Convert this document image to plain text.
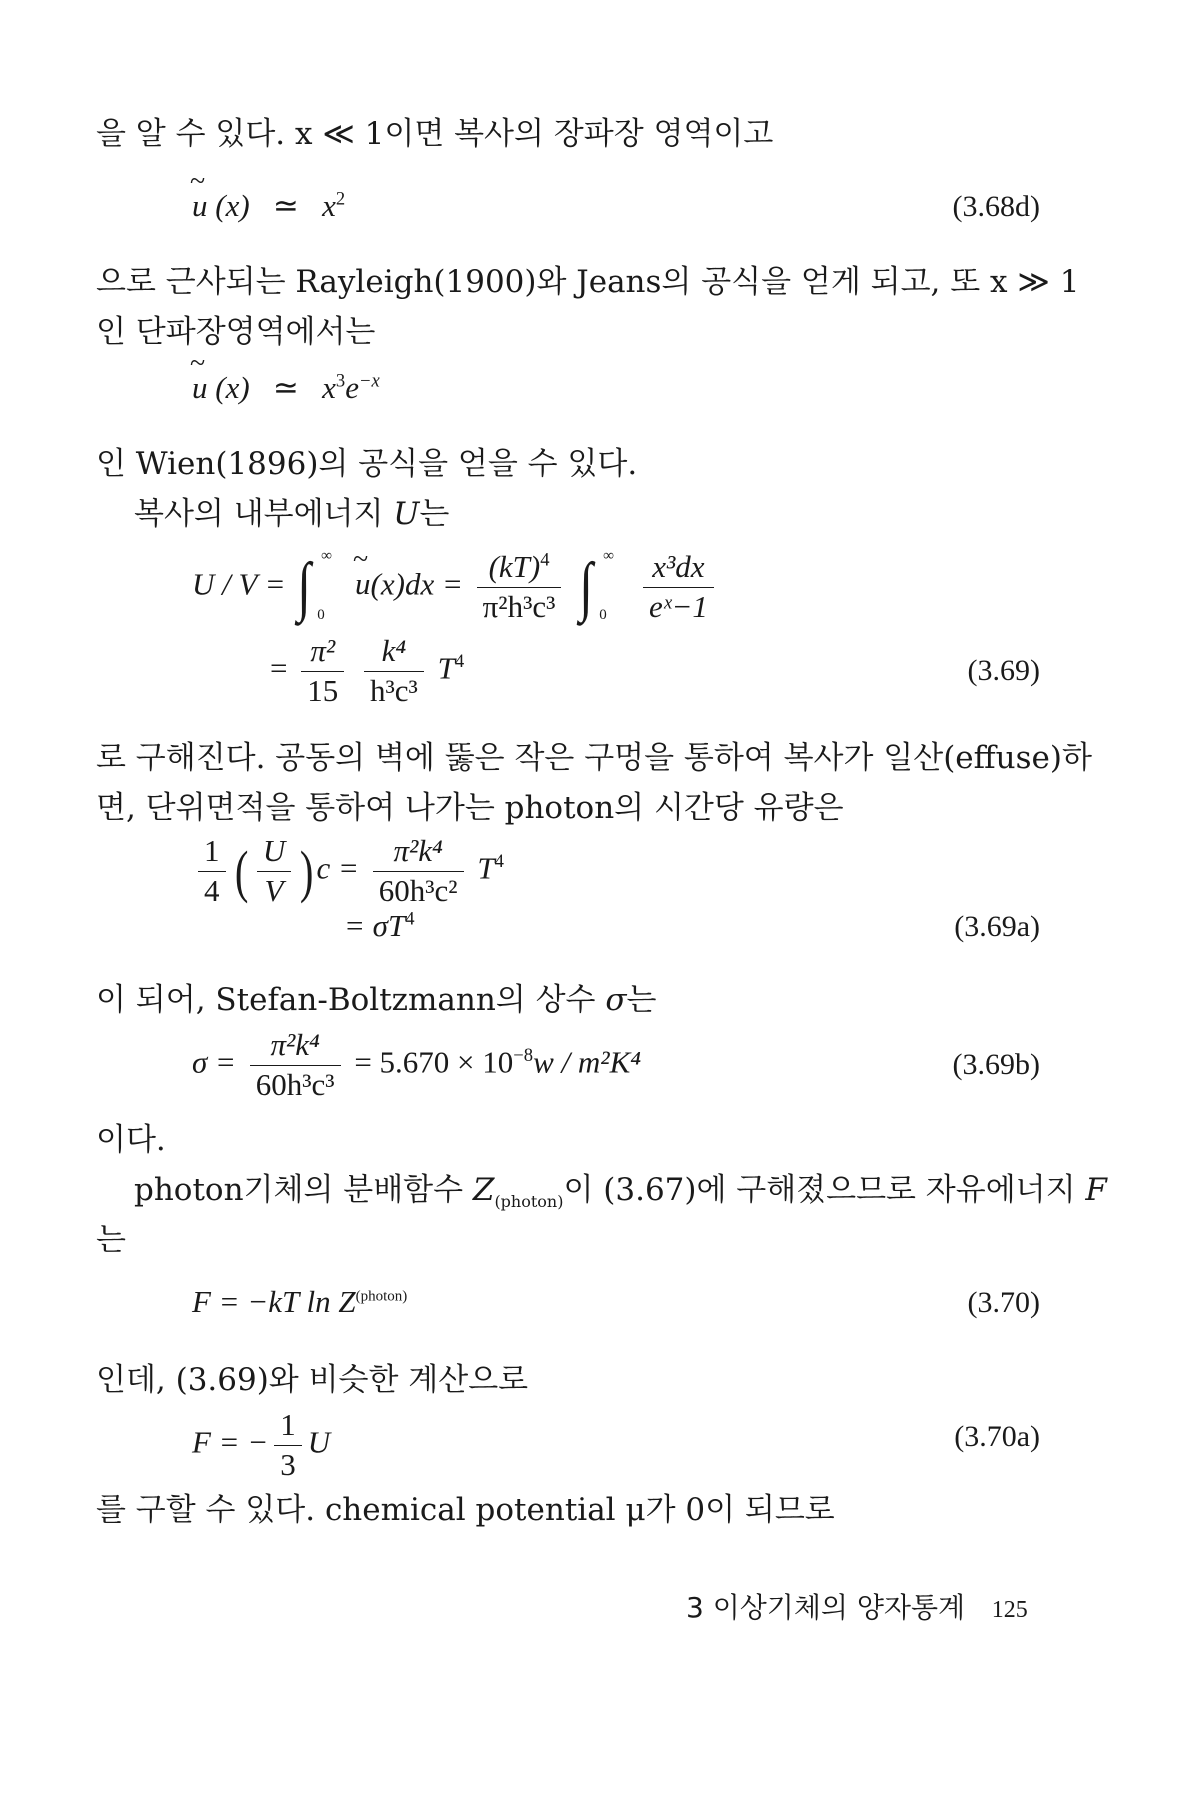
을 알 수 있다. x ≪ 1이면 복사의 장파장 영역이고
~ u (x) ≃ $x^2$	(3.68d)
으로 근사되는 Rayleigh(1900)와 Jeans의 공식을 얻게 되고, 또 x ≫ 1
인 단파장영역에서는
~ u (x) ≃ $x^3e^{-x}$
인 Wien(1896)의 공식을 얻을 수 있다.
복사의 내부에너지 U는
U / V = ∫ ∞
0
~ $u(x)dx = \frac{(kT)^4}{\text{π²h³c³}}$ ∫ ∞
0
$\frac{\text{x³dx}}{\text{eˣ−1}}$
= $\frac{\text{π²}}{15}$
$\frac{\text{k⁴}}{\text{h³c³}} T^4$	(3.69)
로 구해진다. 공동의 벽에 뚫은 작은 구멍을 통하여 복사가 일산(effuse)하
면, 단위면적을 통하여 나가는 photon의 시간당 유량은
$\frac{1}{4}$ ( $\frac{U}{V} )c = \frac{\text{π²k⁴}}{\text{60h³c²}} T^4$
= $\sigma T^4$	(3.69a)
이 되어, Stefan-Boltzmann의 상수 σ는
$\sigma = \frac{\text{π²k⁴}}{\text{60h³c³}} = 5.670 \times 10^{-8}w / m^2K^4$	(3.69b)
이다.
photon기체의 분배함수 $Z_{(photon)}$이 (3.67)에 구해졌으므로 자유에너지 F
는
F = −kT $\ln Z^{(photon)}$	(3.70)
인데, (3.69)와 비슷한 계산으로
F = − $\frac{1}{3}$ U	(3.70a)
를 구할 수 있다. chemical potential μ가 0이 되므로
3 이상기체의 양자통계 125
